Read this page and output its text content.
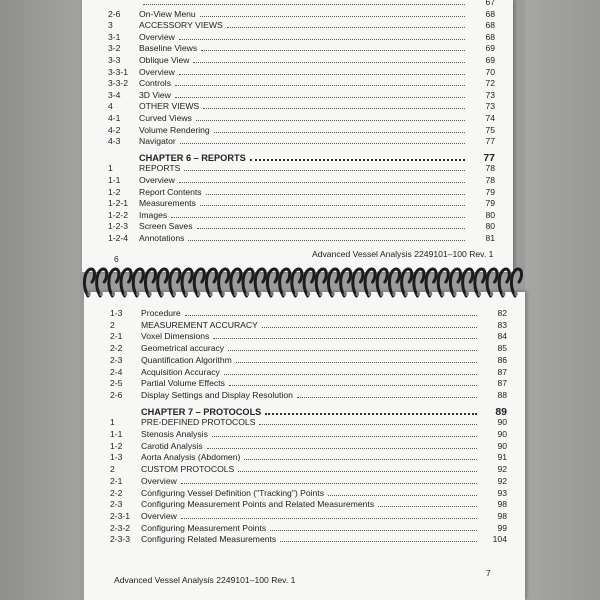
67
2-6	On-View Menu	68
3	ACCESSORY VIEWS	68
3-1	Overview	68
3-2	Baseline Views	69
3-3	Oblique View	69
3-3-1	Overview	70
3-3-2	Controls	72
3-4	3D View	73
4	OTHER VIEWS	73
4-1	Curved Views	74
4-2	Volume Rendering	75
4-3	Navigator	77
CHAPTER 6 – REPORTS	77
1	REPORTS	78
1-1	Overview	78
1-2	Report Contents	79
1-2-1	Measurements	79
1-2-2	Images	80
1-2-3	Screen Saves	80
1-2-4	Annotations	81
6	Advanced Vessel Analysis 2249101–100 Rev. 1
1-3	Procedure	82
2	MEASUREMENT ACCURACY	83
2-1	Voxel Dimensions	84
2-2	Geometrical accuracy	85
2-3	Quantification Algorithm	86
2-4	Acquisition Accuracy	87
2-5	Partial Volume Effects	87
2-6	Display Settings and Display Resolution	88
CHAPTER 7 – PROTOCOLS	89
1	PRE-DEFINED PROTOCOLS	90
1-1	Stenosis Analysis	90
1-2	Carotid Analysis	90
1-3	Aorta Analysis (Abdomen)	91
2	CUSTOM PROTOCOLS	92
2-1	Overview	92
2-2	Configuring Vessel Definition ("Tracking") Points	93
2-3	Configuring Measurement Points and Related Measurements	98
2-3-1	Overview	98
2-3-2	Configuring Measurement Points	99
2-3-3	Configuring Related Measurements	104
Advanced Vessel Analysis 2249101–100 Rev. 1
7
